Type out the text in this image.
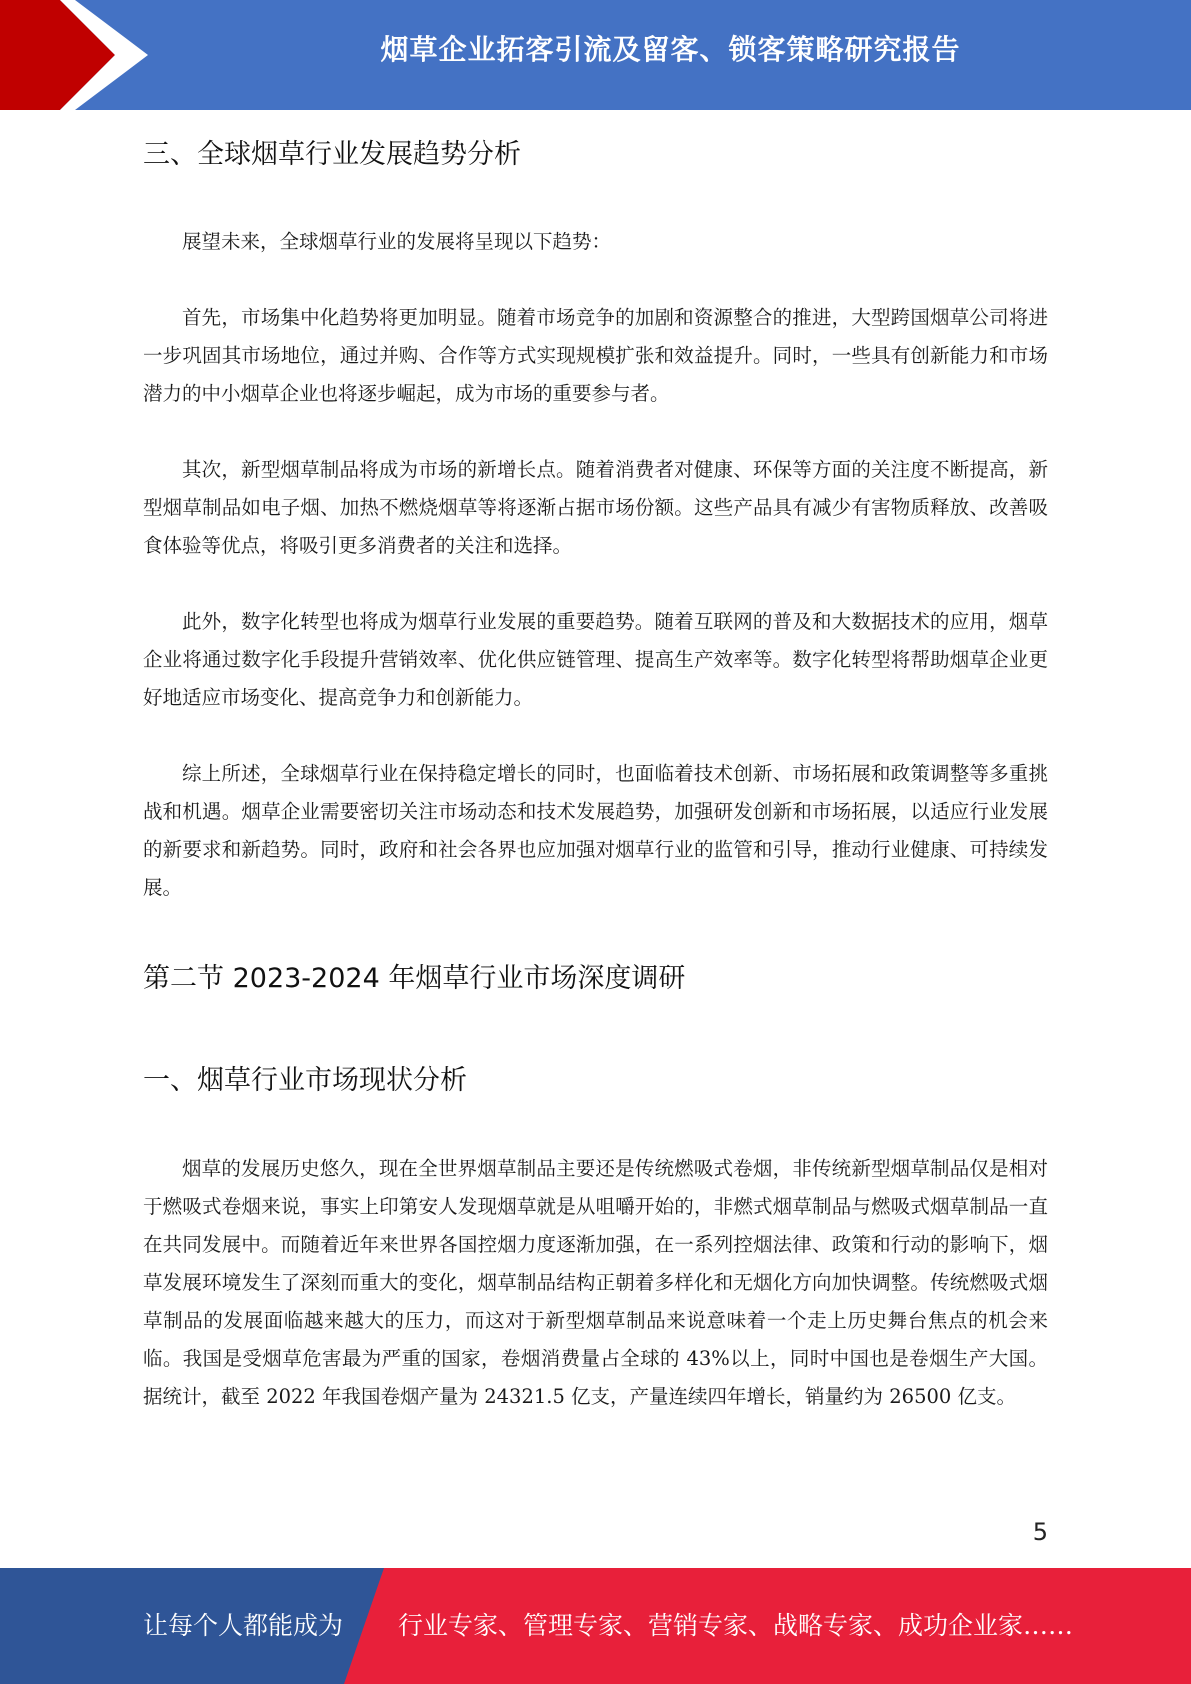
烟草企业拓客引流及留客、锁客策略研究报告
三、全球烟草行业发展趋势分析

展望未来，全球烟草行业的发展将呈现以下趋势：

首先，市场集中化趋势将更加明显。随着市场竞争的加剧和资源整合的推进，大型跨国烟草公司将进一步巩固其市场地位，通过并购、合作等方式实现规模扩张和效益提升。同时，一些具有创新能力和市场潜力的中小烟草企业也将逐步崛起，成为市场的重要参与者。

其次，新型烟草制品将成为市场的新增长点。随着消费者对健康、环保等方面的关注度不断提高，新型烟草制品如电子烟、加热不燃烧烟草等将逐渐占据市场份额。这些产品具有减少有害物质释放、改善吸食体验等优点，将吸引更多消费者的关注和选择。

此外，数字化转型也将成为烟草行业发展的重要趋势。随着互联网的普及和大数据技术的应用，烟草企业将通过数字化手段提升营销效率、优化供应链管理、提高生产效率等。数字化转型将帮助烟草企业更好地适应市场变化、提高竞争力和创新能力。

综上所述，全球烟草行业在保持稳定增长的同时，也面临着技术创新、市场拓展和政策调整等多重挑战和机遇。烟草企业需要密切关注市场动态和技术发展趋势，加强研发创新和市场拓展，以适应行业发展的新要求和新趋势。同时，政府和社会各界也应加强对烟草行业的监管和引导，推动行业健康、可持续发展。

第二节 2023-2024 年烟草行业市场深度调研
一、烟草行业市场现状分析

烟草的发展历史悠久，现在全世界烟草制品主要还是传统燃吸式卷烟，非传统新型烟草制品仅是相对于燃吸式卷烟来说，事实上印第安人发现烟草就是从咀嚼开始的，非燃式烟草制品与燃吸式烟草制品一直在共同发展中。而随着近年来世界各国控烟力度逐渐加强，在一系列控烟法律、政策和行动的影响下，烟草发展环境发生了深刻而重大的变化，烟草制品结构正朝着多样化和无烟化方向加快调整。传统燃吸式烟草制品的发展面临越来越大的压力，而这对于新型烟草制品来说意味着一个走上历史舞台焦点的机会来临。我国是受烟草危害最为严重的国家，卷烟消费量占全球的 43%以上，同时中国也是卷烟生产大国。据统计，截至 2022 年我国卷烟产量为 24321.5 亿支，产量连续四年增长，销量约为 26500 亿支。

5
让每个人都能成为 行业专家、管理专家、营销专家、战略专家、成功企业家……
